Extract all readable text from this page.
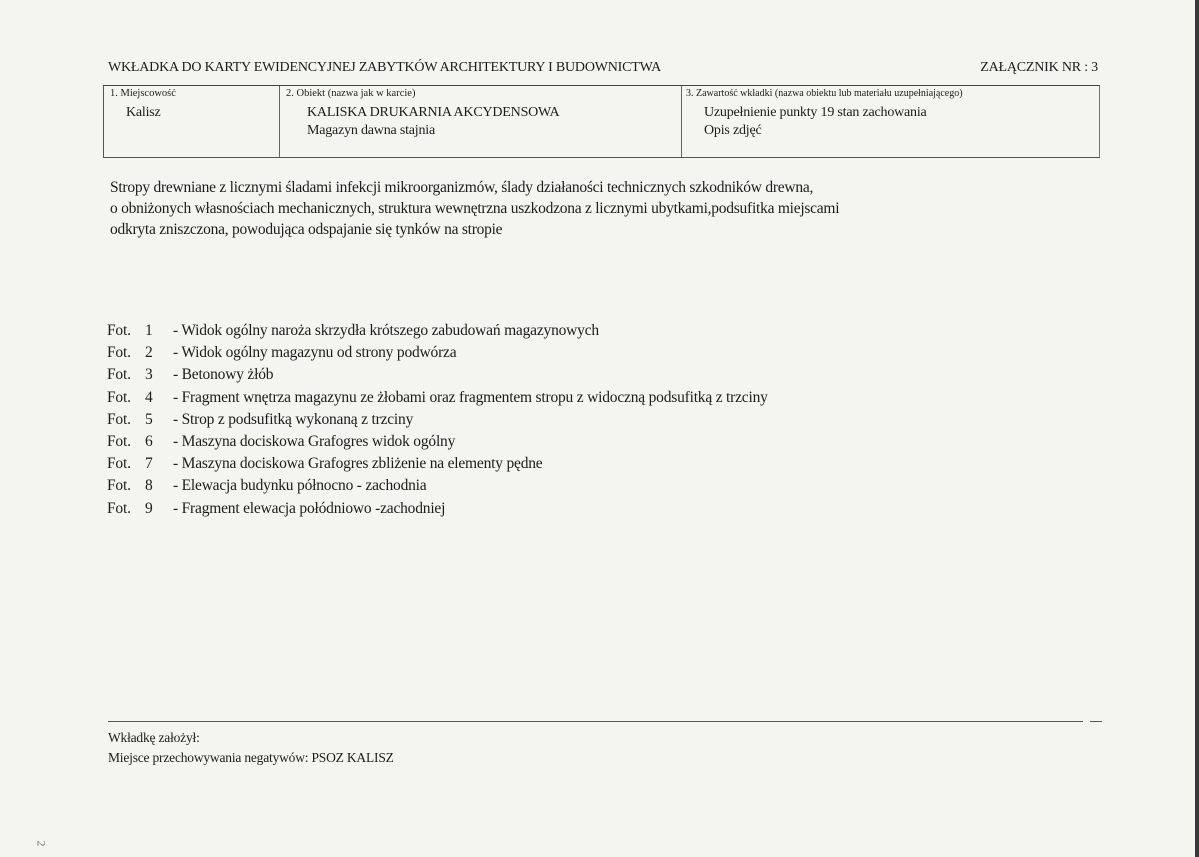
WKŁADKA DO KARTY EWIDENCYJNEJ ZABYTKÓW ARCHITEKTURY I BUDOWNICTWA	ZAŁĄCZNIK NR : 3
1. Miejscowość
Kalisz
2. Obiekt (nazwa jak w karcie)
KALISKA DRUKARNIA AKCYDENSOWA
Magazyn dawna stajnia
3. Zawartość wkładki (nazwa obiektu lub materiału uzupełniającego)
Uzupełnienie punkty 19 stan zachowania
Opis zdjęć
Stropy drewniane z licznymi śladami infekcji mikroorganizmów, ślady działaności technicznych szkodników drewna,
o obniżonych własnościach mechanicznych, struktura wewnętrzna uszkodzona z licznymi ubytkami,podsufitka miejscami
odkryta zniszczona, powodująca odspajanie się tynków na stropie
Fot. 1	- Widok ogólny naroża skrzydła krótszego zabudowań magazynowych
Fot. 2	- Widok ogólny magazynu od strony podwórza
Fot. 3	- Betonowy żłób
Fot. 4	- Fragment wnętrza magazynu ze żłobami oraz fragmentem stropu z widoczną podsufitką z trzciny
Fot. 5	- Strop z podsufitką wykonaną z trzciny
Fot. 6	- Maszyna dociskowa Grafogres widok ogólny
Fot. 7	- Maszyna dociskowa Grafogres zbliżenie na elementy pędne
Fot. 8	- Elewacja budynku północno - zachodnia
Fot. 9	- Fragment elewacja połódniowo -zachodniej
Wkładkę założył:
Miejsce przechowywania negatywów: PSOZ KALISZ
2
